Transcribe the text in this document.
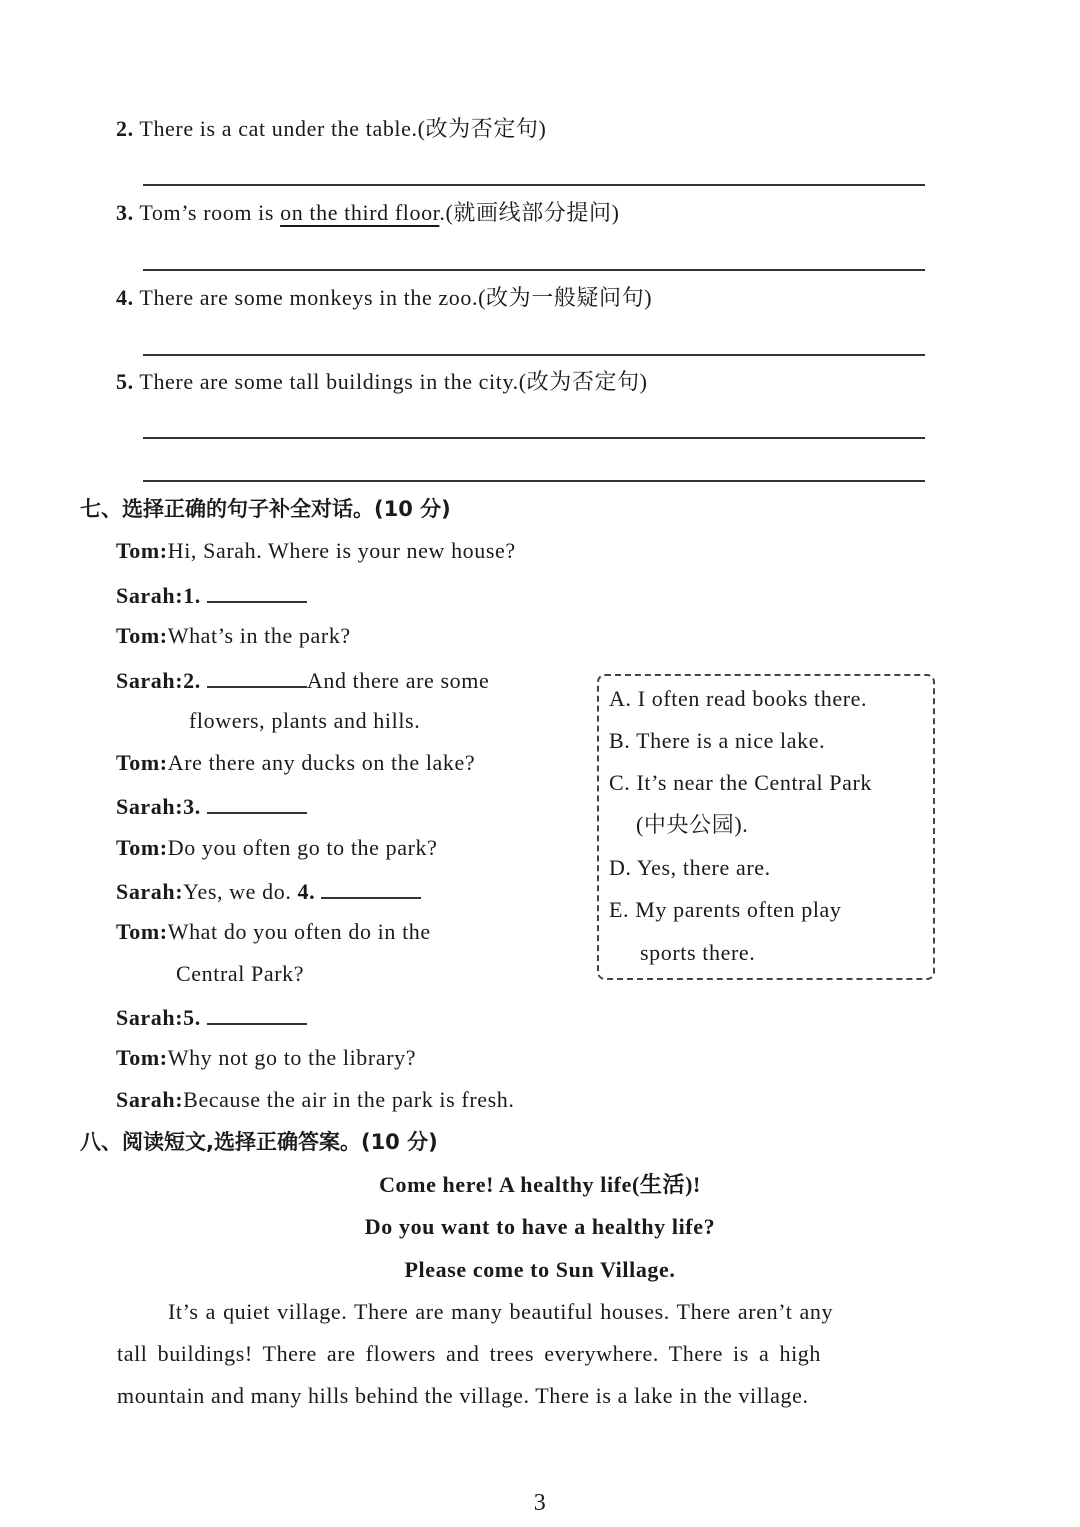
2. There is a cat under the table.(改为否定句)
3. Tom’s room is on the third floor.(就画线部分提问)
4. There are some monkeys in the zoo.(改为一般疑问句)
5. There are some tall buildings in the city.(改为否定句)
七、选择正确的句子补全对话。(10 分)
Tom:Hi, Sarah. Where is your new house?
Sarah:1.
Tom:What’s in the park?
Sarah:2.	And there are some
flowers, plants and hills.
Tom:Are there any ducks on the lake?
Sarah:3.
Tom:Do you often go to the park?
Sarah:Yes, we do. 4.
Tom:What do you often do in the
Central Park?
Sarah:5.
Tom:Why not go to the library?
Sarah:Because the air in the park is fresh.
A. I often read books there.
B. There is a nice lake.
C. It’s near the Central Park
(中央公园).
D. Yes, there are.
E. My parents often play
sports there.
八、阅读短文,选择正确答案。(10 分)
Come here! A healthy life(生活)!
Do you want to have a healthy life?
Please come to Sun Village.
It’s a quiet village. There are many beautiful houses. There aren’t any
tall buildings! There are flowers and trees everywhere. There is a high
mountain and many hills behind the village. There is a lake in the village.
3
